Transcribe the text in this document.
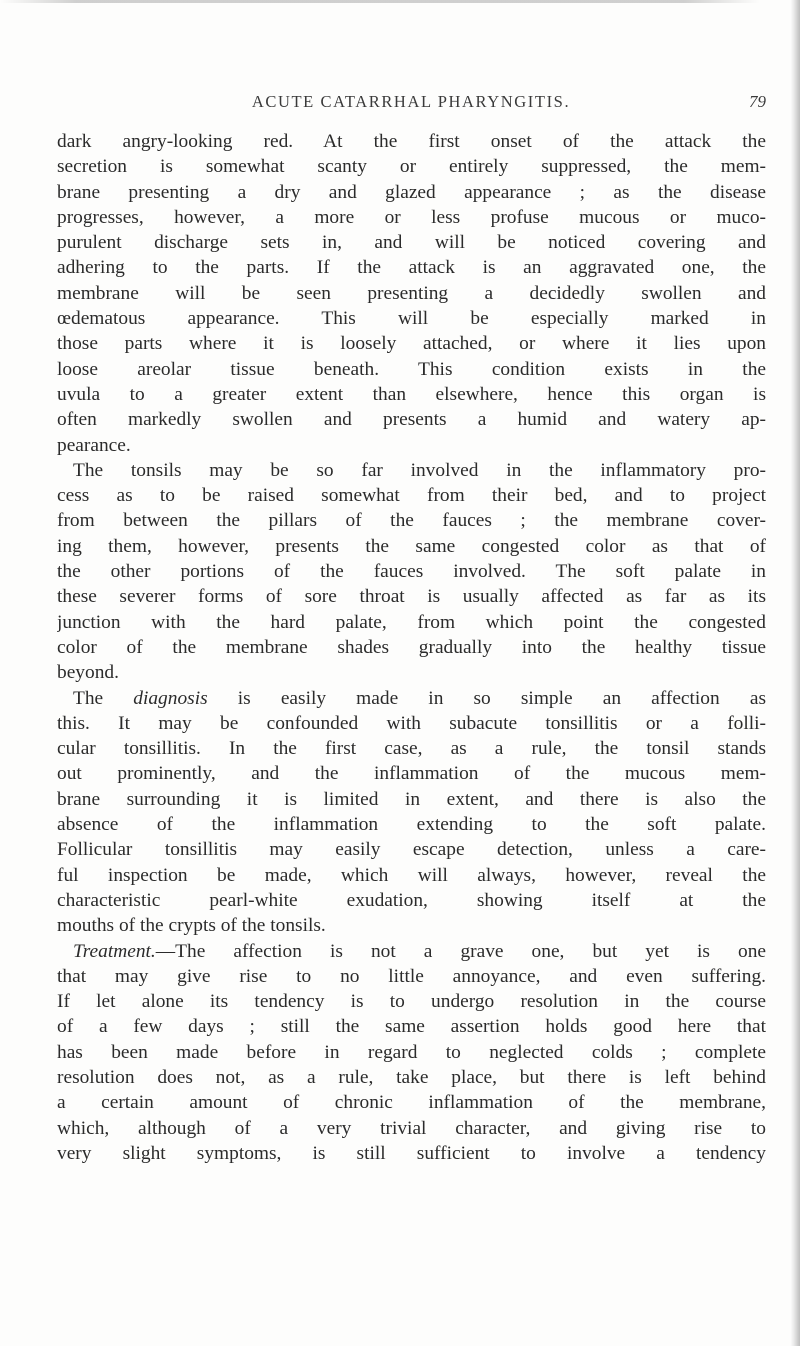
ACUTE CATARRHAL PHARYNGITIS.	79
dark angry-looking red. At the first onset of the attack the
secretion is somewhat scanty or entirely suppressed, the mem-
brane presenting a dry and glazed appearance ; as the disease
progresses, however, a more or less profuse mucous or muco-
purulent discharge sets in, and will be noticed covering and
adhering to the parts. If the attack is an aggravated one, the
membrane will be seen presenting a decidedly swollen and
œdematous appearance. This will be especially marked in
those parts where it is loosely attached, or where it lies upon
loose areolar tissue beneath. This condition exists in the
uvula to a greater extent than elsewhere, hence this organ is
often markedly swollen and presents a humid and watery ap-
pearance.
The tonsils may be so far involved in the inflammatory pro-
cess as to be raised somewhat from their bed, and to project
from between the pillars of the fauces ; the membrane cover-
ing them, however, presents the same congested color as that of
the other portions of the fauces involved. The soft palate in
these severer forms of sore throat is usually affected as far as its
junction with the hard palate, from which point the congested
color of the membrane shades gradually into the healthy tissue
beyond.
The diagnosis is easily made in so simple an affection as
this. It may be confounded with subacute tonsillitis or a folli-
cular tonsillitis. In the first case, as a rule, the tonsil stands
out prominently, and the inflammation of the mucous mem-
brane surrounding it is limited in extent, and there is also the
absence of the inflammation extending to the soft palate.
Follicular tonsillitis may easily escape detection, unless a care-
ful inspection be made, which will always, however, reveal the
characteristic pearl-white exudation, showing itself at the
mouths of the crypts of the tonsils.
Treatment.—The affection is not a grave one, but yet is one
that may give rise to no little annoyance, and even suffering.
If let alone its tendency is to undergo resolution in the course
of a few days ; still the same assertion holds good here that
has been made before in regard to neglected colds ; complete
resolution does not, as a rule, take place, but there is left behind
a certain amount of chronic inflammation of the membrane,
which, although of a very trivial character, and giving rise to
very slight symptoms, is still sufficient to involve a tendency
